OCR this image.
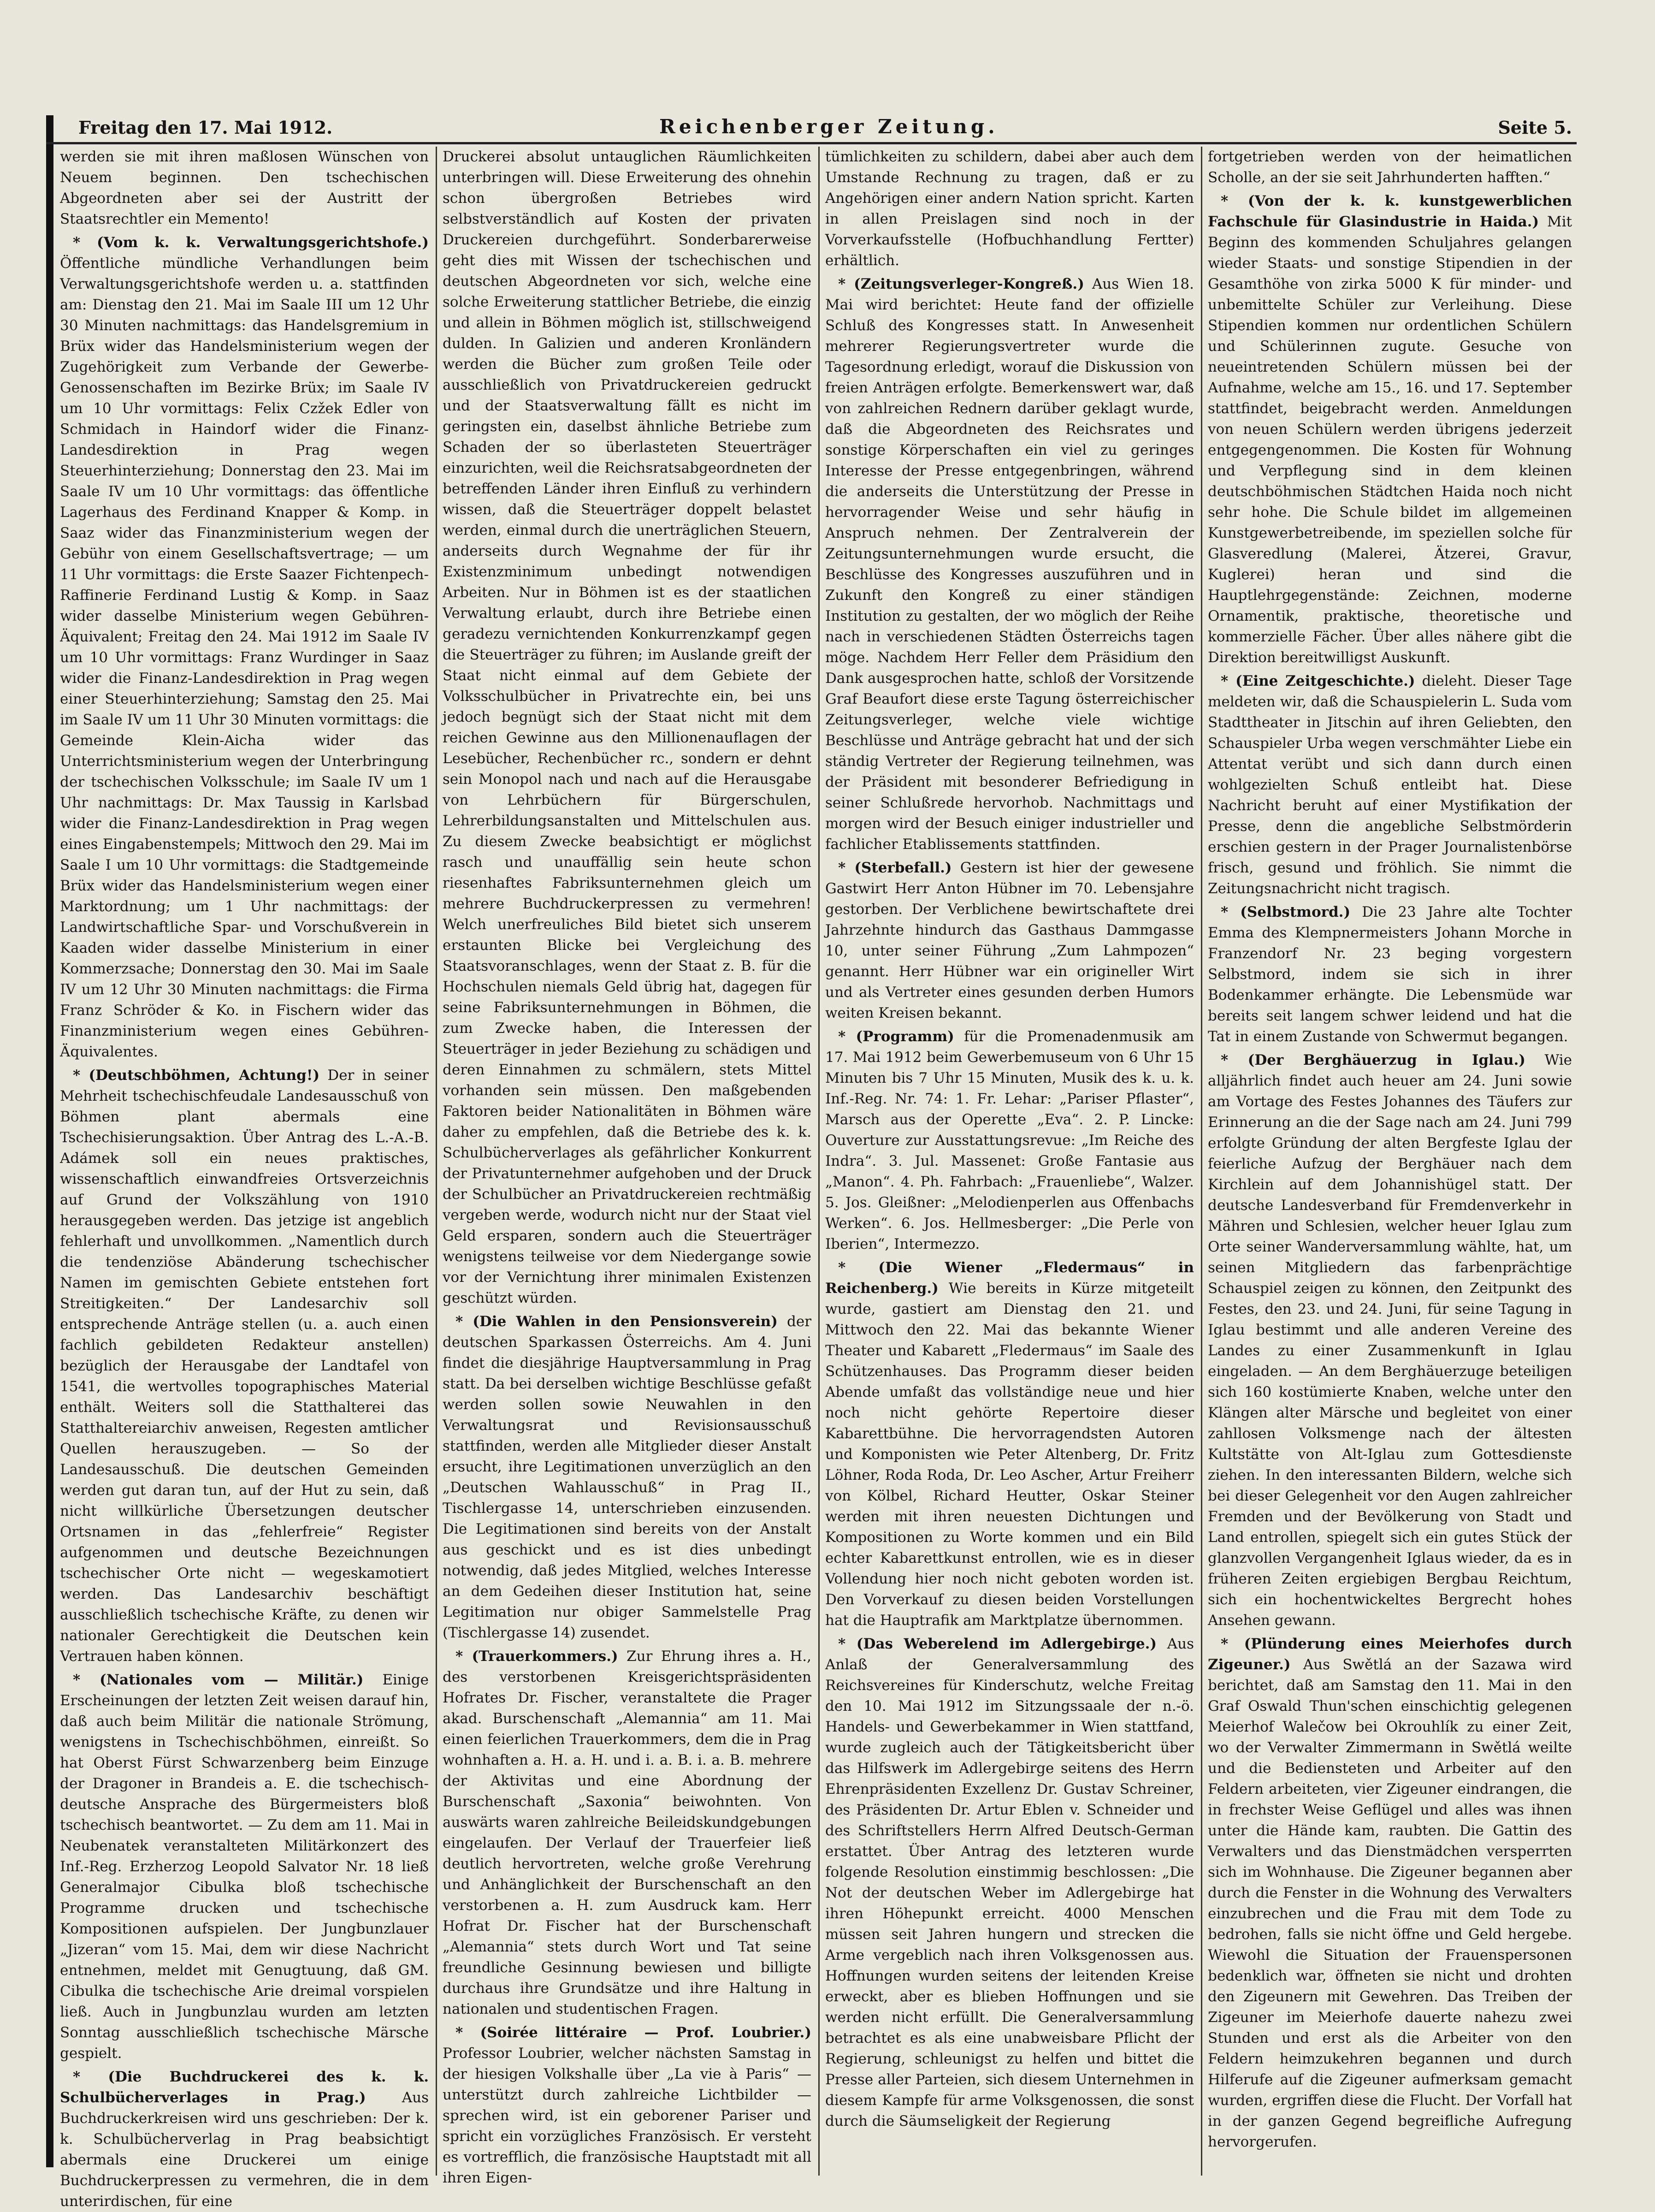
Freitag den 17. Mai 1912.	Reichenberger Zeitung.	Seite 5.

werden sie mit ihren maßlosen Wünschen von Neuem beginnen. Den tschechischen Abgeordneten aber sei der Austritt der Staatsrechtler ein Memento!

* (Vom k. k. Verwaltungsgerichtshofe.) Öffentliche mündliche Verhandlungen beim Verwaltungsgerichtshofe werden u. a. stattfinden am: Dienstag den 21. Mai im Saale III um 12 Uhr 30 Minuten nachmittags: das Handelsgremium in Brüx wider das Handelsministerium wegen der Zugehörigkeit zum Verbande der Gewerbe-Genossenschaften im Bezirke Brüx; im Saale IV um 10 Uhr vormittags: Felix Czžek Edler von Schmidach in Haindorf wider die Finanz-Landesdirektion in Prag wegen Steuerhinterziehung; Donnerstag den 23. Mai im Saale IV um 10 Uhr vormittags: das öffentliche Lagerhaus des Ferdinand Knapper & Komp. in Saaz wider das Finanzministerium wegen der Gebühr von einem Gesellschaftsvertrage; — um 11 Uhr vormittags: die Erste Saazer Fichtenpech-Raffinerie Ferdinand Lustig & Komp. in Saaz wider dasselbe Ministerium wegen Gebühren-Äquivalent; Freitag den 24. Mai 1912 im Saale IV um 10 Uhr vormittags: Franz Wurdinger in Saaz wider die Finanz-Landesdirektion in Prag wegen einer Steuerhinterziehung; Samstag den 25. Mai im Saale IV um 11 Uhr 30 Minuten vormittags: die Gemeinde Klein-Aicha wider das Unterrichtsministerium wegen der Unterbringung der tschechischen Volksschule; im Saale IV um 1 Uhr nachmittags: Dr. Max Taussig in Karlsbad wider die Finanz-Landesdirektion in Prag wegen eines Eingabenstempels; Mittwoch den 29. Mai im Saale I um 10 Uhr vormittags: die Stadtgemeinde Brüx wider das Handelsministerium wegen einer Marktordnung; um 1 Uhr nachmittags: der Landwirtschaftliche Spar- und Vorschußverein in Kaaden wider dasselbe Ministerium in einer Kommerzsache; Donnerstag den 30. Mai im Saale IV um 12 Uhr 30 Minuten nachmittags: die Firma Franz Schröder & Ko. in Fischern wider das Finanzministerium wegen eines Gebühren-Äquivalentes.

* (Deutschböhmen, Achtung!) Der in seiner Mehrheit tschechischfeudale Landesausschuß von Böhmen plant abermals eine Tschechisierungsaktion. Über Antrag des L.-A.-B. Adámek soll ein neues praktisches, wissenschaftlich einwandfreies Ortsverzeichnis auf Grund der Volkszählung von 1910 herausgegeben werden. Das jetzige ist angeblich fehlerhaft und unvollkommen. „Namentlich durch die tendenziöse Abänderung tschechischer Namen im gemischten Gebiete entstehen fort Streitigkeiten.“ Der Landesarchiv soll entsprechende Anträge stellen (u. a. auch einen fachlich gebildeten Redakteur anstellen) bezüglich der Herausgabe der Landtafel von 1541, die wertvolles topographisches Material enthält. Weiters soll die Statthalterei das Statthaltereiarchiv anweisen, Regesten amtlicher Quellen herauszugeben. — So der Landesausschuß. Die deutschen Gemeinden werden gut daran tun, auf der Hut zu sein, daß nicht willkürliche Übersetzungen deutscher Ortsnamen in das „fehlerfreie“ Register aufgenommen und deutsche Bezeichnungen tschechischer Orte nicht — wegeskamotiert werden. Das Landesarchiv beschäftigt ausschließlich tschechische Kräfte, zu denen wir nationaler Gerechtigkeit die Deutschen kein Vertrauen haben können.

* (Nationales vom — Militär.) Einige Erscheinungen der letzten Zeit weisen darauf hin, daß auch beim Militär die nationale Strömung, wenigstens in Tschechischböhmen, einreißt. So hat Oberst Fürst Schwarzenberg beim Einzuge der Dragoner in Brandeis a. E. die tschechisch-deutsche Ansprache des Bürgermeisters bloß tschechisch beantwortet. — Zu dem am 11. Mai in Neubenatek veranstalteten Militärkonzert des Inf.-Reg. Erzherzog Leopold Salvator Nr. 18 ließ Generalmajor Cibulka bloß tschechische Programme drucken und tschechische Kompositionen aufspielen. Der Jungbunzlauer „Jizeran“ vom 15. Mai, dem wir diese Nachricht entnehmen, meldet mit Genugtuung, daß GM. Cibulka die tschechische Arie dreimal vorspielen ließ. Auch in Jungbunzlau wurden am letzten Sonntag ausschließlich tschechische Märsche gespielt.

* (Die Buchdruckerei des k. k. Schulbücherverlages in Prag.)	Aus Buchdruckerkreisen wird uns geschrieben: Der k. k. Schulbücherverlag in Prag beabsichtigt abermals eine Druckerei um einige Buchdruckerpressen zu vermehren, die in dem unterirdischen, für eine

Druckerei absolut untauglichen Räumlichkeiten unterbringen will. Diese Erweiterung des ohnehin schon übergroßen Betriebes wird selbstverständlich auf Kosten der privaten Druckereien durchgeführt. Sonderbarerweise geht dies mit Wissen der tschechischen und deutschen Abgeordneten vor sich, welche eine solche Erweiterung stattlicher Betriebe, die einzig und allein in Böhmen möglich ist, stillschweigend dulden. In Galizien und anderen Kronländern werden die Bücher zum großen Teile oder ausschließlich von Privatdruckereien gedruckt und der Staatsverwaltung fällt es nicht im geringsten ein, daselbst ähnliche Betriebe zum Schaden der so überlasteten Steuerträger einzurichten, weil die Reichsratsabgeordneten der betreffenden Länder ihren Einfluß zu verhindern wissen, daß die Steuerträger doppelt belastet werden, einmal durch die unerträglichen Steuern, anderseits durch Wegnahme der für ihr Existenzminimum unbedingt notwendigen Arbeiten. Nur in Böhmen ist es der staatlichen Verwaltung erlaubt, durch ihre Betriebe einen geradezu vernichtenden Konkurrenzkampf gegen die Steuerträger zu führen; im Auslande greift der Staat nicht einmal auf dem Gebiete der Volksschulbücher in Privatrechte ein, bei uns jedoch begnügt sich der Staat nicht mit dem reichen Gewinne aus den Millionenauflagen der Lesebücher, Rechenbücher rc., sondern er dehnt sein Monopol nach und nach auf die Herausgabe von Lehrbüchern für Bürgerschulen, Lehrerbildungsanstalten und Mittelschulen aus. Zu diesem Zwecke beabsichtigt er möglichst rasch und unauffällig sein heute schon riesenhaftes Fabriksunternehmen gleich um mehrere Buchdruckerpressen zu vermehren! Welch unerfreuliches Bild bietet sich unserem erstaunten Blicke bei Vergleichung des Staatsvoranschlages, wenn der Staat z. B. für die Hochschulen niemals Geld übrig hat, dagegen für seine Fabriksunternehmungen in Böhmen, die zum Zwecke haben, die Interessen der Steuerträger in jeder Beziehung zu schädigen und deren Einnahmen zu schmälern, stets Mittel vorhanden sein müssen. Den maßgebenden Faktoren beider Nationalitäten in Böhmen wäre daher zu empfehlen, daß die Betriebe des k. k. Schulbücherverlages als gefährlicher Konkurrent der Privatunternehmer aufgehoben und der Druck der Schulbücher an Privatdruckereien rechtmäßig vergeben werde, wodurch nicht nur der Staat viel Geld ersparen, sondern auch die Steuerträger wenigstens teilweise vor dem Niedergange sowie vor der Vernichtung ihrer minimalen Existenzen geschützt würden.

* (Die Wahlen in den Pensionsverein) der deutschen Sparkassen Österreichs. Am 4. Juni findet die diesjährige Hauptversammlung in Prag statt. Da bei derselben wichtige Beschlüsse gefaßt werden sollen sowie Neuwahlen in den Verwaltungsrat und Revisionsausschuß stattfinden, werden alle Mitglieder dieser Anstalt ersucht, ihre Legitimationen unverzüglich an den „Deutschen Wahlausschuß“ in Prag II., Tischlergasse 14, unterschrieben einzusenden. Die Legitimationen sind bereits von der Anstalt aus geschickt und es ist dies unbedingt notwendig, daß jedes Mitglied, welches Interesse an dem Gedeihen dieser Institution hat, seine Legitimation nur obiger Sammelstelle Prag (Tischlergasse 14) zusendet.

* (Trauerkommers.) Zur Ehrung ihres a. H., des verstorbenen Kreisgerichtspräsidenten Hofrates Dr. Fischer, veranstaltete die Prager akad. Burschenschaft „Alemannia“ am 11. Mai einen feierlichen Trauerkommers, dem die in Prag wohnhaften a. H. a. H. und i. a. B. i. a. B. mehrere der Aktivitas und eine Abordnung der Burschenschaft „Saxonia“ beiwohnten. Von auswärts waren zahlreiche Beileidskundgebungen eingelaufen. Der Verlauf der Trauerfeier ließ deutlich hervortreten, welche große Verehrung und Anhänglichkeit der Burschenschaft an den verstorbenen a. H. zum Ausdruck kam. Herr Hofrat Dr. Fischer hat der Burschenschaft „Alemannia“ stets durch Wort und Tat seine freundliche Gesinnung bewiesen und billigte durchaus ihre Grundsätze und ihre Haltung in nationalen und studentischen Fragen.

* (Soirée littéraire — Prof. Loubrier.) Professor Loubrier, welcher nächsten Samstag in der hiesigen Volkshalle über „La vie à Paris“ — unterstützt durch zahlreiche Lichtbilder — sprechen wird, ist ein geborener Pariser und spricht ein vorzügliches Französisch. Er versteht es vortrefflich, die französische Hauptstadt mit all ihren Eigen-

tümlichkeiten zu schildern, dabei aber auch dem Umstande Rechnung zu tragen, daß er zu Angehörigen einer andern Nation spricht. Karten in allen Preislagen sind noch in der Vorverkaufsstelle (Hofbuchhandlung Fertter) erhältlich.

* (Zeitungsverleger-Kongreß.) Aus Wien 18. Mai wird berichtet: Heute fand der offizielle Schluß des Kongresses statt. In Anwesenheit mehrerer Regierungsvertreter wurde die Tagesordnung erledigt, worauf die Diskussion von freien Anträgen erfolgte. Bemerkenswert war, daß von zahlreichen Rednern darüber geklagt wurde, daß die Abgeordneten des Reichsrates und sonstige Körperschaften ein viel zu geringes Interesse der Presse entgegenbringen, während die anderseits die Unterstützung der Presse in hervorragender Weise und sehr häufig in Anspruch nehmen. Der Zentralverein der Zeitungsunternehmungen wurde ersucht, die Beschlüsse des Kongresses auszuführen und in Zukunft den Kongreß zu einer ständigen Institution zu gestalten, der wo möglich der Reihe nach in verschiedenen Städten Österreichs tagen möge. Nachdem Herr Feller dem Präsidium den Dank ausgesprochen hatte, schloß der Vorsitzende Graf Beaufort diese erste Tagung österreichischer Zeitungsverleger, welche viele wichtige Beschlüsse und Anträge gebracht hat und der sich ständig Vertreter der Regierung teilnehmen, was der Präsident mit besonderer Befriedigung in seiner Schlußrede hervorhob. Nachmittags und morgen wird der Besuch einiger industrieller und fachlicher Etablissements stattfinden.

* (Sterbefall.) Gestern ist hier der gewesene Gastwirt Herr Anton Hübner im 70. Lebensjahre gestorben. Der Verblichene bewirtschaftete drei Jahrzehnte hindurch das Gasthaus Dammgasse 10, unter seiner Führung „Zum Lahmpozen“ genannt. Herr Hübner war ein origineller Wirt und als Vertreter eines gesunden derben Humors weiten Kreisen bekannt.

* (Programm) für die Promenadenmusik am 17. Mai 1912 beim Gewerbemuseum von 6 Uhr 15 Minuten bis 7 Uhr 15 Minuten, Musik des k. u. k. Inf.-Reg. Nr. 74: 1. Fr. Lehar: „Pariser Pflaster“, Marsch aus der Operette „Eva“. 2. P. Lincke: Ouverture zur Ausstattungsrevue: „Im Reiche des Indra“. 3. Jul. Massenet: Große Fantasie aus „Manon“. 4. Ph. Fahrbach: „Frauenliebe“, Walzer. 5. Jos. Gleißner: „Melodienperlen aus Offenbachs Werken“. 6. Jos. Hellmesberger: „Die Perle von Iberien“, Intermezzo.

* (Die Wiener „Fledermaus“ in Reichenberg.) Wie bereits in Kürze mitgeteilt wurde, gastiert am Dienstag den 21. und Mittwoch den 22. Mai das bekannte Wiener Theater und Kabarett „Fledermaus“ im Saale des Schützenhauses. Das Programm dieser beiden Abende umfaßt das vollständige neue und hier noch nicht gehörte Repertoire dieser Kabarettbühne. Die hervorragendsten Autoren und Komponisten wie Peter Altenberg, Dr. Fritz Löhner, Roda Roda, Dr. Leo Ascher, Artur Freiherr von Kölbel, Richard Heutter, Oskar Steiner werden mit ihren neuesten Dichtungen und Kompositionen zu Worte kommen und ein Bild echter Kabarettkunst entrollen, wie es in dieser Vollendung hier noch nicht geboten worden ist. Den Vorverkauf zu diesen beiden Vorstellungen hat die Hauptrafik am Marktplatze übernommen.

* (Das Weberelend im Adlergebirge.) Aus Anlaß der Generalversammlung des Reichsvereines für Kinderschutz, welche Freitag den 10. Mai 1912 im Sitzungssaale der n.-ö. Handels- und Gewerbekammer in Wien stattfand, wurde zugleich auch der Tätigkeitsbericht über das Hilfswerk im Adlergebirge seitens des Herrn Ehrenpräsidenten Exzellenz Dr. Gustav Schreiner, des Präsidenten Dr. Artur Eblen v. Schneider und des Schriftstellers Herrn Alfred Deutsch-German erstattet. Über Antrag des letzteren wurde folgende Resolution einstimmig beschlossen: „Die Not der deutschen Weber im Adlergebirge hat ihren Höhepunkt erreicht. 4000 Menschen müssen seit Jahren hungern und strecken die Arme vergeblich nach ihren Volksgenossen aus. Hoffnungen wurden seitens der leitenden Kreise erweckt, aber es blieben Hoffnungen und sie werden nicht erfüllt. Die Generalversammlung betrachtet es als eine unabweisbare Pflicht der Regierung, schleunigst zu helfen und bittet die Presse aller Parteien, sich diesem Unternehmen in diesem Kampfe für arme Volksgenossen, die sonst durch die Säumseligkeit der Regierung

fortgetrieben werden von der heimatlichen Scholle, an der sie seit Jahrhunderten hafften.“

* (Von der k. k. kunstgewerblichen Fachschule für Glasindustrie in Haida.) Mit Beginn des kommenden Schuljahres gelangen wieder Staats- und sonstige Stipendien in der Gesamthöhe von zirka 5000 K für minder- und unbemittelte Schüler zur Verleihung. Diese Stipendien kommen nur ordentlichen Schülern und Schülerinnen zugute. Gesuche von neueintretenden Schülern müssen bei der Aufnahme, welche am 15., 16. und 17. September stattfindet, beigebracht werden. Anmeldungen von neuen Schülern werden übrigens jederzeit entgegengenommen. Die Kosten für Wohnung und Verpflegung sind in dem kleinen deutschböhmischen Städtchen Haida noch nicht sehr hohe. Die Schule bildet im allgemeinen Kunstgewerbetreibende, im speziellen solche für Glasveredlung (Malerei, Ätzerei, Gravur, Kuglerei) heran und sind die Hauptlehrgegenstände: Zeichnen, moderne Ornamentik, praktische, theoretische und kommerzielle Fächer. Über alles nähere gibt die Direktion bereitwilligst Auskunft.

* (Eine Zeitgeschichte.) dieleht. Dieser Tage meldeten wir, daß die Schauspielerin L. Suda vom Stadttheater in Jitschin auf ihren Geliebten, den Schauspieler Urba wegen verschmähter Liebe ein Attentat verübt und sich dann durch einen wohlgezielten Schuß entleibt hat. Diese Nachricht beruht auf einer Mystifikation der Presse, denn die angebliche Selbstmörderin erschien gestern in der Prager Journalistenbörse frisch, gesund und fröhlich. Sie nimmt die Zeitungsnachricht nicht tragisch.

* (Selbstmord.) Die 23 Jahre alte Tochter Emma des Klempnermeisters Johann Morche in Franzendorf Nr. 23 beging vorgestern Selbstmord, indem sie sich in ihrer Bodenkammer erhängte. Die Lebensmüde war bereits seit langem schwer leidend und hat die Tat in einem Zustande von Schwermut begangen.

* (Der Berghäuerzug in Iglau.) Wie alljährlich findet auch heuer am 24. Juni sowie am Vortage des Festes Johannes des Täufers zur Erinnerung an die der Sage nach am 24. Juni 799 erfolgte Gründung der alten Bergfeste Iglau der feierliche Aufzug der Berghäuer nach dem Kirchlein auf dem Johannishügel statt. Der deutsche Landesverband für Fremdenverkehr in Mähren und Schlesien, welcher heuer Iglau zum Orte seiner Wanderversammlung wählte, hat, um seinen Mitgliedern das farbenprächtige Schauspiel zeigen zu können, den Zeitpunkt des Festes, den 23. und 24. Juni, für seine Tagung in Iglau bestimmt und alle anderen Vereine des Landes zu einer Zusammenkunft in Iglau eingeladen. — An dem Berghäuerzuge beteiligen sich 160 kostümierte Knaben, welche unter den Klängen alter Märsche und begleitet von einer zahllosen Volksmenge nach der ältesten Kultstätte von Alt-Iglau zum Gottesdienste ziehen. In den interessanten Bildern, welche sich bei dieser Gelegenheit vor den Augen zahlreicher Fremden und der Bevölkerung von Stadt und Land entrollen, spiegelt sich ein gutes Stück der glanzvollen Vergangenheit Iglaus wieder, da es in früheren Zeiten ergiebigen Bergbau Reichtum, sich ein hochentwickeltes Bergrecht hohes Ansehen gewann.

* (Plünderung eines Meierhofes durch Zigeuner.) Aus Swětlá an der Sazawa wird berichtet, daß am Samstag den 11. Mai in den Graf Oswald Thun'schen einschichtig gelegenen Meierhof Walečow bei Okrouhlík zu einer Zeit, wo der Verwalter Zimmermann in Swětlá weilte und die Bediensteten und Arbeiter auf den Feldern arbeiteten, vier Zigeuner eindrangen, die in frechster Weise Geflügel und alles was ihnen unter die Hände kam, raubten. Die Gattin des Verwalters und das Dienstmädchen versperrten sich im Wohnhause. Die Zigeuner begannen aber durch die Fenster in die Wohnung des Verwalters einzubrechen und die Frau mit dem Tode zu bedrohen, falls sie nicht öffne und Geld hergebe. Wiewohl die Situation der Frauenspersonen bedenklich war, öffneten sie nicht und drohten den Zigeunern mit Gewehren. Das Treiben der Zigeuner im Meierhofe dauerte nahezu zwei Stunden und erst als die Arbeiter von den Feldern heimzukehren begannen und durch Hilferufe auf die Zigeuner aufmerksam gemacht wurden, ergriffen diese die Flucht. Der Vorfall hat in der ganzen Gegend begreifliche Aufregung hervorgerufen.
